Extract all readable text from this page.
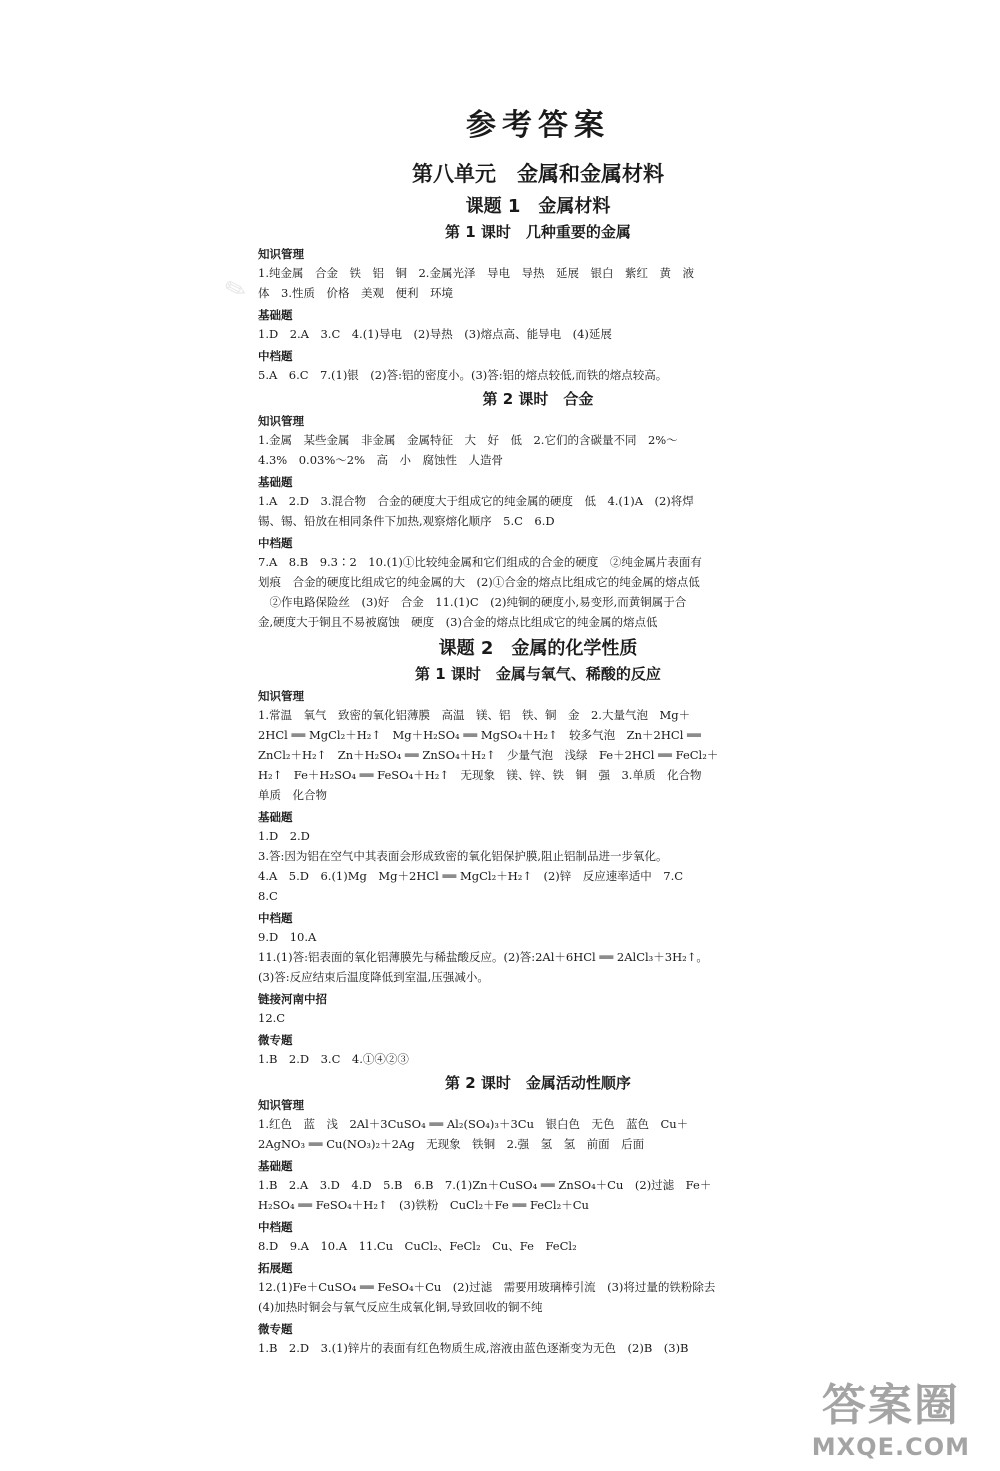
参考答案
第八单元　金属和金属材料
课题 1　金属材料
第 1 课时　几种重要的金属
知识管理
1.纯金属　合金　铁　铝　铜　2.金属光泽　导电　导热　延展　银白　紫红　黄　液
体　3.性质　价格　美观　便利　环境
基础题
1.D　2.A　3.C　4.(1)导电　(2)导热　(3)熔点高、能导电　(4)延展
中档题
5.A　6.C　7.(1)银　(2)答:铝的密度小。(3)答:铝的熔点较低,而铁的熔点较高。
第 2 课时　合金
知识管理
1.金属　某些金属　非金属　金属特征　大　好　低　2.它们的含碳量不同　2%～
4.3%　0.03%～2%　高　小　腐蚀性　人造骨
基础题
1.A　2.D　3.混合物　合金的硬度大于组成它的纯金属的硬度　低　4.(1)A　(2)将焊
锡、锡、铅放在相同条件下加热,观察熔化顺序　5.C　6.D
中档题
7.A　8.B　9.3∶2　10.(1)①比较纯金属和它们组成的合金的硬度　②纯金属片表面有
划痕　合金的硬度比组成它的纯金属的大　(2)①合金的熔点比组成它的纯金属的熔点低
　②作电路保险丝　(3)好　合金　11.(1)C　(2)纯铜的硬度小,易变形,而黄铜属于合
金,硬度大于铜且不易被腐蚀　硬度　(3)合金的熔点比组成它的纯金属的熔点低
课题 2　金属的化学性质
第 1 课时　金属与氧气、稀酸的反应
知识管理
1.常温　氧气　致密的氧化铝薄膜　高温　镁、铝　铁、铜　金　2.大量气泡　Mg＋
2HCl ══ MgCl₂＋H₂↑　Mg＋H₂SO₄ ══ MgSO₄＋H₂↑　较多气泡　Zn＋2HCl ══
ZnCl₂＋H₂↑　Zn＋H₂SO₄ ══ ZnSO₄＋H₂↑　少量气泡　浅绿　Fe＋2HCl ══ FeCl₂＋
H₂↑　Fe＋H₂SO₄ ══ FeSO₄＋H₂↑　无现象　镁、锌、铁　铜　强　3.单质　化合物
单质　化合物
基础题
1.D　2.D
3.答:因为铝在空气中其表面会形成致密的氧化铝保护膜,阻止铝制品进一步氧化。
4.A　5.D　6.(1)Mg　Mg＋2HCl ══ MgCl₂＋H₂↑　(2)锌　反应速率适中　7.C
8.C
中档题
9.D　10.A
11.(1)答:铝表面的氧化铝薄膜先与稀盐酸反应。(2)答:2Al＋6HCl ══ 2AlCl₃＋3H₂↑。
(3)答:反应结束后温度降低到室温,压强减小。
链接河南中招
12.C
微专题
1.B　2.D　3.C　4.①④②③
第 2 课时　金属活动性顺序
知识管理
1.红色　蓝　浅　2Al＋3CuSO₄ ══ Al₂(SO₄)₃＋3Cu　银白色　无色　蓝色　Cu＋
2AgNO₃ ══ Cu(NO₃)₂＋2Ag　无现象　铁铜　2.强　氢　氢　前面　后面
基础题
1.B　2.A　3.D　4.D　5.B　6.B　7.(1)Zn＋CuSO₄ ══ ZnSO₄＋Cu　(2)过滤　Fe＋
H₂SO₄ ══ FeSO₄＋H₂↑　(3)铁粉　CuCl₂＋Fe ══ FeCl₂＋Cu
中档题
8.D　9.A　10.A　11.Cu　CuCl₂、FeCl₂　Cu、Fe　FeCl₂
拓展题
12.(1)Fe＋CuSO₄ ══ FeSO₄＋Cu　(2)过滤　需要用玻璃棒引流　(3)将过量的铁粉除去
(4)加热时铜会与氧气反应生成氧化铜,导致回收的铜不纯
微专题
1.B　2.D　3.(1)锌片的表面有红色物质生成,溶液由蓝色逐渐变为无色　(2)B　(3)B
✎
答案圈
MXQE.COM
